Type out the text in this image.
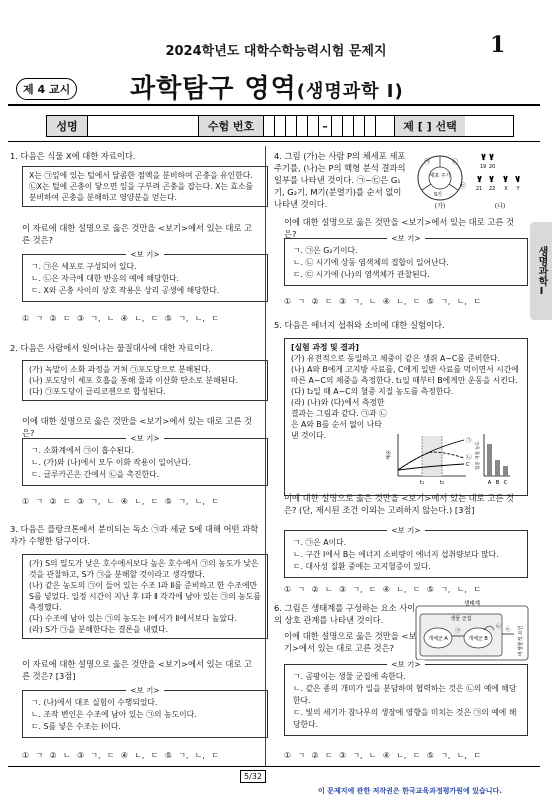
2024학년도 대학수학능력시험 문제지	1
제 4 교시 과학탐구 영역(생명과학 Ⅰ)
성명	수험 번호	–	제 [ ] 선택
생명과학Ⅰ
1. 다음은 식물 X에 대한 자료이다.
X는 ㉠잎에 있는 털에서 달콤한 점액을 분비하여 곤충을 유인한다. ㉡X는 털에 곤충이 닿으면 잎을 구부려 곤충을 잡는다. X는 효소를 분비하여 곤충을 분해하고 영양분을 얻는다.
이 자료에 대한 설명으로 옳은 것만을 <보기>에서 있는 대로 고른 것은?
<보 기>
ㄱ. ㉠은 세포로 구성되어 있다.
ㄴ. ㉡은 자극에 대한 반응의 예에 해당한다.
ㄷ. X와 곤충 사이의 상호 작용은 상리 공생에 해당한다.
① ㄱ ② ㄷ ③ ㄱ, ㄴ ④ ㄴ, ㄷ ⑤ ㄱ, ㄴ, ㄷ
2. 다음은 사람에서 일어나는 물질대사에 대한 자료이다.
(가) 녹말이 소화 과정을 거쳐 ㉠포도당으로 분해된다.
(나) 포도당이 세포 호흡을 통해 물과 이산화 탄소로 분해된다.
(다) ㉠포도당이 글리코젠으로 합성된다.
이에 대한 설명으로 옳은 것만을 <보기>에서 있는 대로 고른 것은?
<보 기>
ㄱ. 소화계에서 ㉠이 흡수된다.
ㄴ. (가)와 (나)에서 모두 이화 작용이 일어난다.
ㄷ. 글루카곤은 간에서 ㉡을 촉진한다.
① ㄱ ② ㄷ ③ ㄱ, ㄴ ④ ㄴ, ㄷ ⑤ ㄱ, ㄴ, ㄷ
3. 다음은 플랑크톤에서 분비되는 독소 ㉠과 세균 S에 대해 어떤 과학자가 수행한 탐구이다.
(가) S의 밀도가 낮은 호수에서보다 높은 호수에서 ㉠의 농도가 낮은 것을 관찰하고, S가 ㉠을 분해할 것이라고 생각했다.
(나) 같은 농도의 ㉠이 들어 있는 수조 Ⅰ과 Ⅱ를 준비하고 한 수조에만 S를 넣었다. 일정 시간이 지난 후 Ⅰ과 Ⅱ 각각에 남아 있는 ㉠의 농도를 측정했다.
(다) 수조에 남아 있는 ㉠의 농도는 Ⅰ에서가 Ⅱ에서보다 높았다.
(라) S가 ㉠을 분해한다는 결론을 내렸다.
이 자료에 대한 설명으로 옳은 것만을 <보기>에서 있는 대로 고른 것은? [3점]
<보 기>
ㄱ. (나)에서 대조 실험이 수행되었다.
ㄴ. 조작 변인은 수조에 남아 있는 ㉠의 농도이다.
ㄷ. S를 넣은 수조는 Ⅰ이다.
① ㄱ ② ㄴ ③ ㄱ, ㄷ ④ ㄴ, ㄷ ⑤ ㄱ, ㄴ, ㄷ
4. 그림 (가)는 사람 P의 체세포 세포 주기를, (나)는 P의 핵형 분석 결과의 일부를 나타낸 것이다. ㉠~㉢은 G₁기, G₂기, M기(분열기)를 순서 없이 나타낸 것이다.
세포 주기
㉠	㉡
㉢
S기
(가)
19 20
21 22 X Y
(나)
이에 대한 설명으로 옳은 것만을 <보기>에서 있는 대로 고른 것은?	<보 기>
ㄱ. ㉠은 G₂기이다.
ㄴ. ㉡ 시기에 상동 염색체의 접합이 일어난다.
ㄷ. ㉢ 시기에 (나)의 염색체가 관찰된다.
① ㄱ ② ㄷ ③ ㄱ, ㄴ ④ ㄴ, ㄷ ⑤ ㄱ, ㄴ, ㄷ
5. 다음은 에너지 섭취와 소비에 대한 실험이다.
[실험 과정 및 결과]
(가) 유전적으로 동일하고 체중이 같은 생쥐 A~C를 준비한다.
(나) A와 B에게 고지방 사료를, C에게 일반 사료를 먹이면서 시간에 따른 A~C의 체중을 측정한다. t₁일 때부터 B에게만 운동을 시킨다.
(다) t₂일 때 A~C의 혈중 지질 농도를 측정한다.
(라) (나)와 (다)에서 측정한 결과는 그림과 같다. ㉠과 ㉡은 A와 B를 순서 없이 나타낸 것이다.
㉠
㉡
C
t₁	t₂
체중
A B C
혈중 지질 농도
이에 대한 설명으로 옳은 것만을 <보기>에서 있는 대로 고른 것은? (단, 제시된 조건 이외는 고려하지 않는다.) [3점]
<보 기>
ㄱ. ㉠은 A이다.
ㄴ. 구간 Ⅰ에서 B는 에너지 소비량이 에너지 섭취량보다 많다.
ㄷ. 대사성 질환 중에는 고지혈증이 있다.
① ㄱ ② ㄴ ③ ㄱ, ㄷ ④ ㄴ, ㄷ ⑤ ㄱ, ㄴ, ㄷ
6. 그림은 생태계를 구성하는 요소 사이의 상호 관계를 나타낸 것이다.
이에 대한 설명으로 옳은 것만을 <보기>에서 있는 대로 고른 것은?
생태계
생물 군집
개체군 A	개체군 B
㉠
㉡ ㉢ 비생물적 요인
<보 기>
ㄱ. 곰팡이는 생물 군집에 속한다.
ㄴ. 같은 종의 개미가 일을 분담하며 협력하는 것은 ㉡의 예에 해당한다.
ㄷ. 빛의 세기가 참나무의 생장에 영향을 미치는 것은 ㉠의 예에 해당한다.
① ㄱ ② ㄷ ③ ㄱ, ㄴ ④ ㄴ, ㄷ ⑤ ㄱ, ㄴ, ㄷ
5/32
이 문제지에 관한 저작권은 한국교육과정평가원에 있습니다.
